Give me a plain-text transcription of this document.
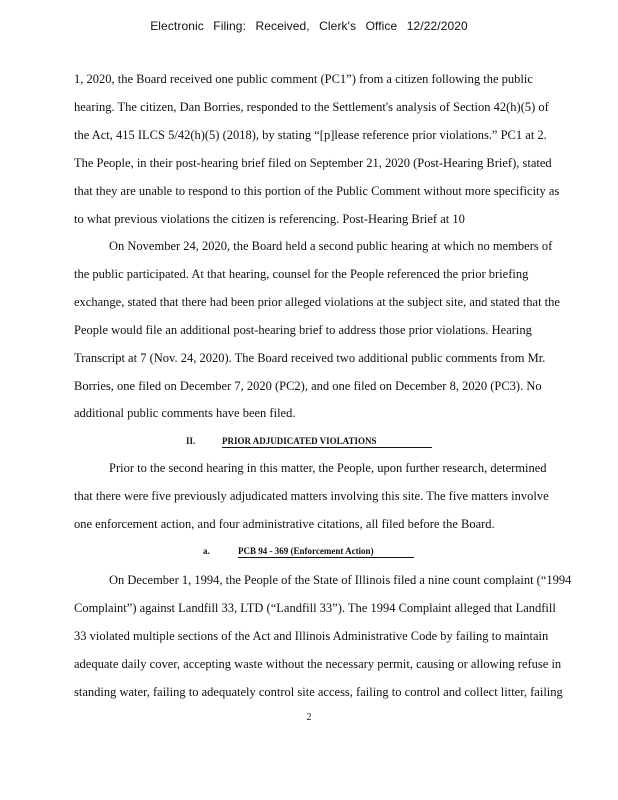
Electronic Filing: Received, Clerk's Office 12/22/2020
1, 2020, the Board received one public comment (PC1”) from a citizen following the public
hearing. The citizen, Dan Borries, responded to the Settlement's analysis of Section 42(h)(5) of
the Act, 415 ILCS 5/42(h)(5) (2018), by stating “[p]lease reference prior violations.” PC1 at 2.
The People, in their post-hearing brief filed on September 21, 2020 (Post-Hearing Brief), stated
that they are unable to respond to this portion of the Public Comment without more specificity as
to what previous violations the citizen is referencing. Post-Hearing Brief at 10
On November 24, 2020, the Board held a second public hearing at which no members of
the public participated. At that hearing, counsel for the People referenced the prior briefing
exchange, stated that there had been prior alleged violations at the subject site, and stated that the
People would file an additional post-hearing brief to address those prior violations. Hearing
Transcript at 7 (Nov. 24, 2020). The Board received two additional public comments from Mr.
Borries, one filed on December 7, 2020 (PC2), and one filed on December 8, 2020 (PC3). No
additional public comments have been filed.
II.	PRIOR ADJUDICATED VIOLATIONS
Prior to the second hearing in this matter, the People, upon further research, determined
that there were five previously adjudicated matters involving this site. The five matters involve
one enforcement action, and four administrative citations, all filed before the Board.
a.	PCB 94 - 369 (Enforcement Action)
On December 1, 1994, the People of the State of Illinois filed a nine count complaint (“1994
Complaint”) against Landfill 33, LTD (“Landfill 33”). The 1994 Complaint alleged that Landfill
33 violated multiple sections of the Act and Illinois Administrative Code by failing to maintain
adequate daily cover, accepting waste without the necessary permit, causing or allowing refuse in
standing water, failing to adequately control site access, failing to control and collect litter, failing
2
